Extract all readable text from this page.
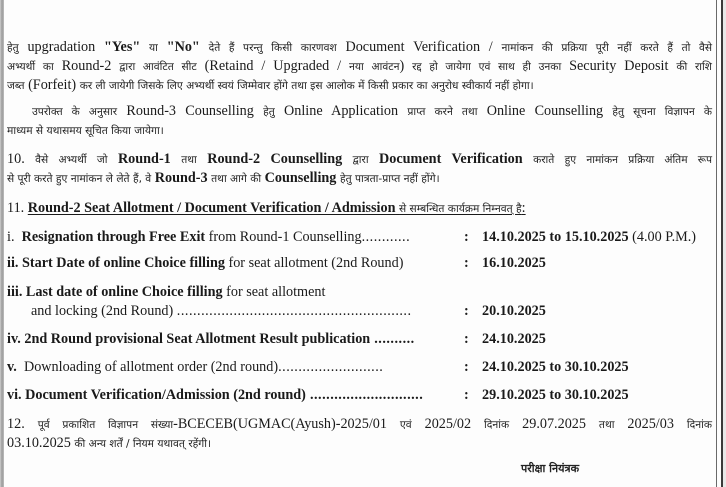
हेतु upgradation "Yes" या "No" देते हैं परन्तु किसी कारणवश Document Verification / नामांकन की प्रक्रिया पूरी नहीं करते हैं तो वैसे
अभ्यर्थी का Round-2 द्वारा आवंटित सीट (Retaind / Upgraded / नया आवंटन) रद्द हो जायेगा एवं साथ ही उनका Security Deposit की राशि
जब्त (Forfeit) कर ली जायेगी जिसके लिए अभ्यर्थी स्वयं जिम्मेवार होंगे तथा इस आलोक में किसी प्रकार का अनुरोध स्वीकार्य नहीं होगा।
उपरोक्त के अनुसार Round-3 Counselling हेतु Online Application प्राप्त करने तथा Online Counselling हेतु सूचना विज्ञापन के
माध्यम से यथासमय सूचित किया जायेगा।
10. वैसे अभ्यर्थी जो Round-1 तथा Round-2 Counselling द्वारा Document Verification कराते हुए नामांकन प्रक्रिया अंतिम रूप
से पूरी करते हुए नामांकन ले लेते हैं, वे Round-3 तथा आगे की Counselling हेतु पात्रता-प्राप्त नहीं होंगे।
11. Round-2 Seat Allotment / Document Verification / Admission से सम्बन्धित कार्यक्रम निम्नवत् है:
i. Resignation through Free Exit from Round-1 Counselling............	: 14.10.2025 to 15.10.2025 (4.00 P.M.)
ii. Start Date of online Choice filling for seat allotment (2nd Round)	: 16.10.2025
iii. Last date of online Choice filling for seat allotment
and locking (2nd Round) ..........................................................	: 20.10.2025
iv. 2nd Round provisional Seat Allotment Result publication ..........	: 24.10.2025
v. Downloading of allotment order (2nd round)..........................	: 24.10.2025 to 30.10.2025
vi. Document Verification/Admission (2nd round) ............................	: 29.10.2025 to 30.10.2025
12. पूर्व प्रकाशित विज्ञापन संख्या-BCECEB(UGMAC(Ayush)-2025/01 एवं 2025/02 दिनांक 29.07.2025 तथा 2025/03 दिनांक
03.10.2025 की अन्य शर्तें / नियम यथावत् रहेंगी।
परीक्षा नियंत्रक
